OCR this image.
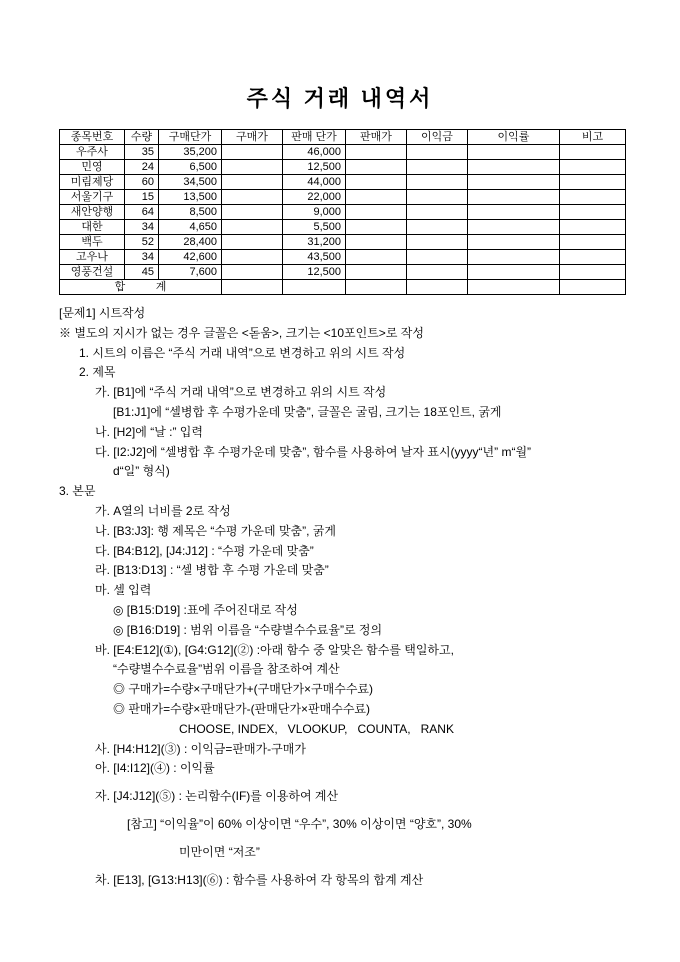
주식 거래 내역서
종목번호	수량	구매단가	구매가	판매 단가	판매가	이익금	이익률	비고
우주사	35	35,200		46,000				
민영	24	6,500		12,500				
미림제당	60	34,500		44,000				
서울기구	15	13,500		22,000				
새안양행	64	8,500		9,000				
대한	34	4,650		5,500				
백두	52	28,400		31,200				
고우나	34	42,600		43,500				
영풍건설	45	7,600		12,500				
합          계								
[문제1] 시트작성
※ 별도의 지시가 없는 경우 글꼴은 <돋움>, 크기는 <10포인트>로 작성
1. 시트의 이름은 “주식 거래 내역”으로 변경하고 위의 시트 작성
2. 제목
가. [B1]에 “주식 거래 내역”으로 변경하고 위의 시트 작성
[B1:J1]에 “셀병합 후 수평가운데 맞춤”, 글꼴은 굴림, 크기는 18포인트, 굵게
나. [H2]에 “날 :” 입력
다. [I2:J2]에 “셀병합 후 수평가운데 맞춤”, 함수를 사용하여 날자 표시(yyyy“년” m“월”
d“일” 형식)
3. 본문
가. A열의 너비를 2로 작성
나. [B3:J3]: 행 제목은 “수평 가운데 맞춤”, 굵게
다. [B4:B12], [J4:J12] : “수평 가운데 맞춤”
라. [B13:D13] : “셀 병합 후 수평 가운데 맞춤”
마. 셀 입력
◎ [B15:D19] :표에 주어진대로 작성
◎ [B16:D19] : 범위 이름을 “수량별수수료율”로 정의
바. [E4:E12](①), [G4:G12](②) :아래 함수 중 알맞은 함수를 택일하고,
“수량별수수료율”범위 이름을 참조하여 계산
◎ 구매가=수량×구매단가+(구매단가×구매수수료)
◎ 판매가=수량×판매단가-(판매단가×판매수수료)
CHOOSE, INDEX,   VLOOKUP,   COUNTA,   RANK
사. [H4:H12](③) : 이익금=판매가-구매가
아. [I4:I12](④) : 이익률
자. [J4:J12](⑤) : 논리함수(IF)를 이용하여 계산
[참고] “이익율”이 60% 이상이면 “우수”, 30% 이상이면 “양호”, 30%
미만이면 “저조”
차. [E13], [G13:H13](⑥) : 함수를 사용하여 각 항목의 합계 계산
